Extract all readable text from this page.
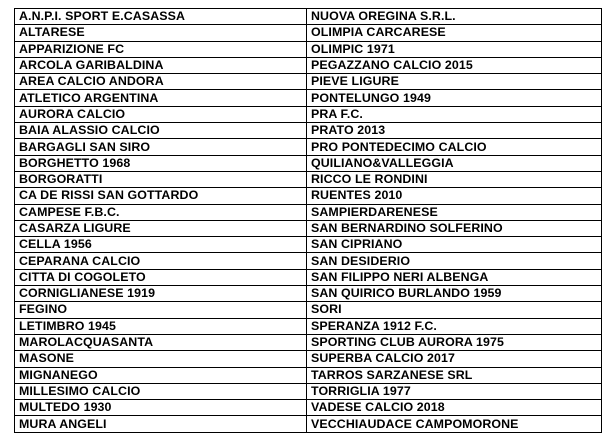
A.N.P.I. SPORT E.CASASSA	NUOVA OREGINA S.R.L.
ALTARESE	OLIMPIA CARCARESE
APPARIZIONE FC	OLIMPIC 1971
ARCOLA GARIBALDINA	PEGAZZANO CALCIO 2015
AREA CALCIO ANDORA	PIEVE LIGURE
ATLETICO ARGENTINA	PONTELUNGO 1949
AURORA CALCIO	PRA F.C.
BAIA ALASSIO CALCIO	PRATO 2013
BARGAGLI SAN SIRO	PRO PONTEDECIMO CALCIO
BORGHETTO 1968	QUILIANO&VALLEGGIA
BORGORATTI	RICCO LE RONDINI
CA DE RISSI SAN GOTTARDO	RUENTES 2010
CAMPESE F.B.C.	SAMPIERDARENESE
CASARZA LIGURE	SAN BERNARDINO SOLFERINO
CELLA 1956	SAN CIPRIANO
CEPARANA CALCIO	SAN DESIDERIO
CITTA DI COGOLETO	SAN FILIPPO NERI ALBENGA
CORNIGLIANESE 1919	SAN QUIRICO BURLANDO 1959
FEGINO	SORI
LETIMBRO 1945	SPERANZA 1912 F.C.
MAROLACQUASANTA	SPORTING CLUB AURORA 1975
MASONE	SUPERBA CALCIO 2017
MIGNANEGO	TARROS SARZANESE SRL
MILLESIMO CALCIO	TORRIGLIA 1977
MULTEDO 1930	VADESE CALCIO 2018
MURA ANGELI	VECCHIAUDACE CAMPOMORONE
